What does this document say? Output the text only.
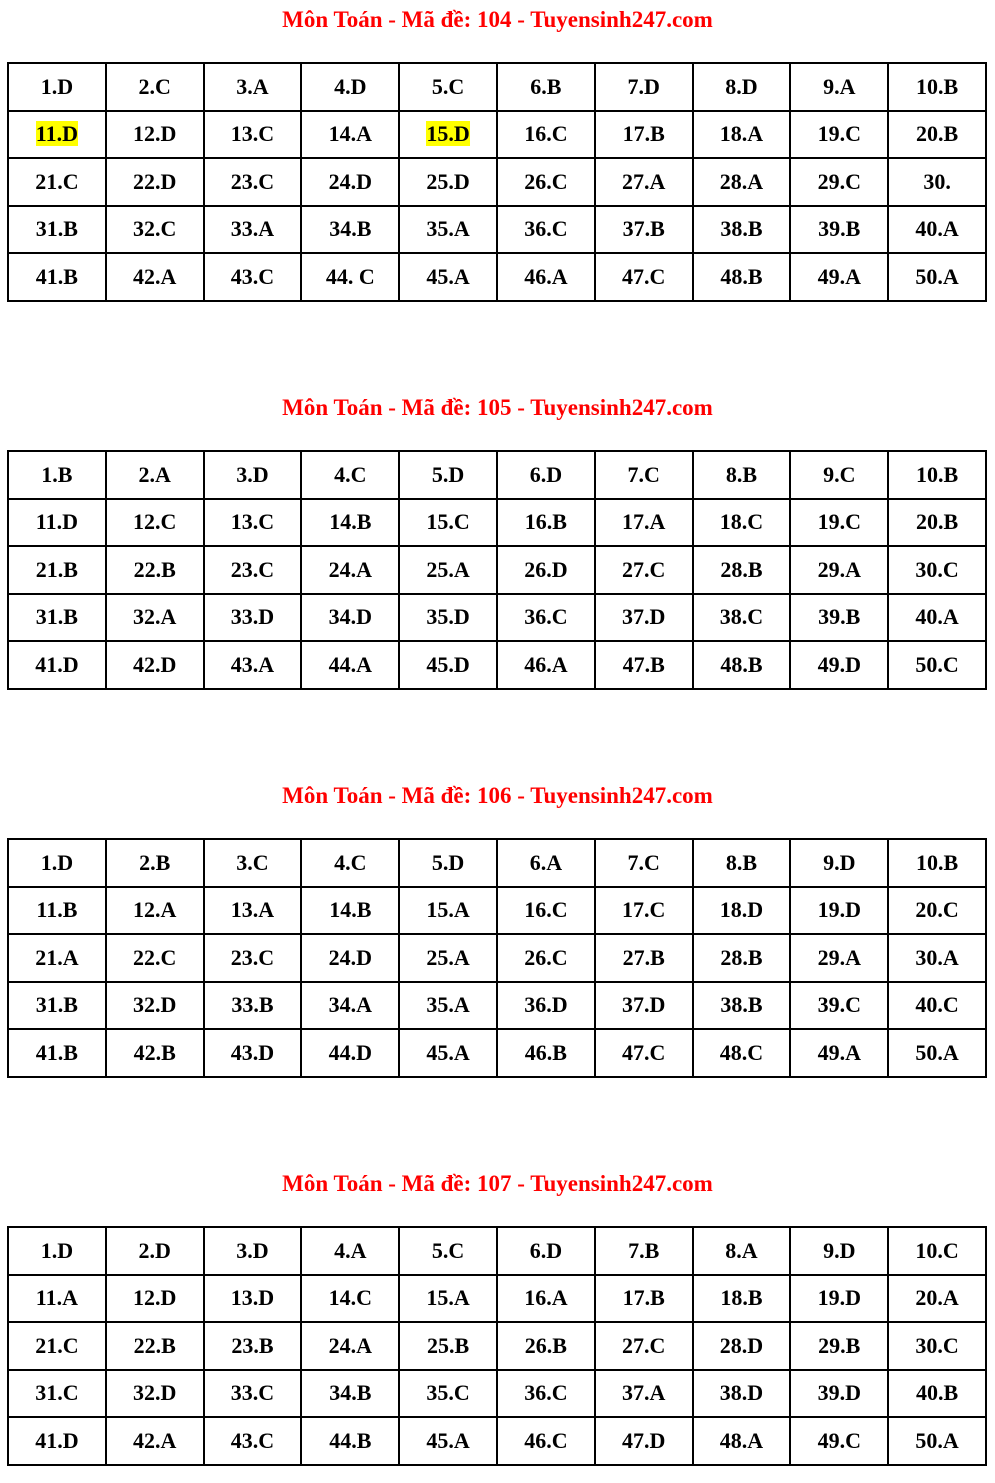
Môn Toán - Mã đề: 104 - Tuyensinh247.com
1.D	2.C	3.A	4.D	5.C	6.B	7.D	8.D	9.A	10.B
11.D	12.D	13.C	14.A	15.D	16.C	17.B	18.A	19.C	20.B
21.C	22.D	23.C	24.D	25.D	26.C	27.A	28.A	29.C	30.
31.B	32.C	33.A	34.B	35.A	36.C	37.B	38.B	39.B	40.A
41.B	42.A	43.C	44. C	45.A	46.A	47.C	48.B	49.A	50.A
Môn Toán - Mã đề: 105 - Tuyensinh247.com
1.B	2.A	3.D	4.C	5.D	6.D	7.C	8.B	9.C	10.B
11.D	12.C	13.C	14.B	15.C	16.B	17.A	18.C	19.C	20.B
21.B	22.B	23.C	24.A	25.A	26.D	27.C	28.B	29.A	30.C
31.B	32.A	33.D	34.D	35.D	36.C	37.D	38.C	39.B	40.A
41.D	42.D	43.A	44.A	45.D	46.A	47.B	48.B	49.D	50.C
Môn Toán - Mã đề: 106 - Tuyensinh247.com
1.D	2.B	3.C	4.C	5.D	6.A	7.C	8.B	9.D	10.B
11.B	12.A	13.A	14.B	15.A	16.C	17.C	18.D	19.D	20.C
21.A	22.C	23.C	24.D	25.A	26.C	27.B	28.B	29.A	30.A
31.B	32.D	33.B	34.A	35.A	36.D	37.D	38.B	39.C	40.C
41.B	42.B	43.D	44.D	45.A	46.B	47.C	48.C	49.A	50.A
Môn Toán - Mã đề: 107 - Tuyensinh247.com
1.D	2.D	3.D	4.A	5.C	6.D	7.B	8.A	9.D	10.C
11.A	12.D	13.D	14.C	15.A	16.A	17.B	18.B	19.D	20.A
21.C	22.B	23.B	24.A	25.B	26.B	27.C	28.D	29.B	30.C
31.C	32.D	33.C	34.B	35.C	36.C	37.A	38.D	39.D	40.B
41.D	42.A	43.C	44.B	45.A	46.C	47.D	48.A	49.C	50.A
